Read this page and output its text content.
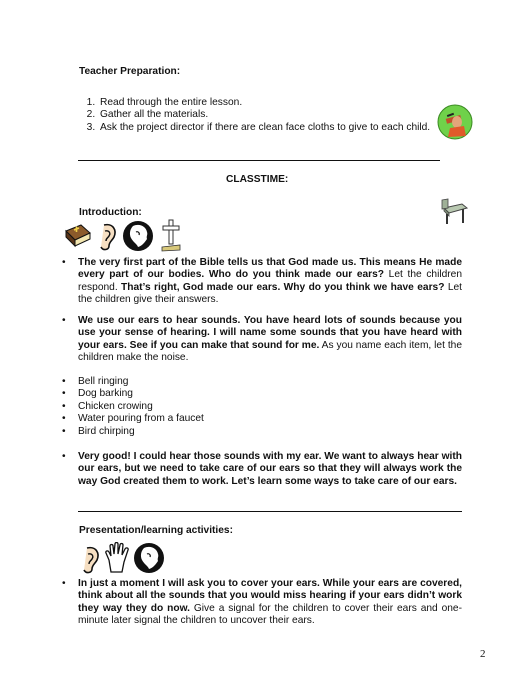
Teacher Preparation:
1. Read through the entire lesson.
2. Gather all the materials.
3. Ask the project director if there are clean face cloths to give to each child.
CLASSTIME:
Introduction:
• The very first part of the Bible tells us that God made us. This means He made every part of our bodies. Who do you think made our ears? Let the children respond. That’s right, God made our ears. Why do you think we have ears? Let the children give their answers.
• We use our ears to hear sounds. You have heard lots of sounds because you use your sense of hearing. I will name some sounds that you have heard with your ears. See if you can make that sound for me. As you name each item, let the children make the noise.
• Bell ringing
• Dog barking
• Chicken crowing
• Water pouring from a faucet
• Bird chirping
• Very good! I could hear those sounds with my ear. We want to always hear with our ears, but we need to take care of our ears so that they will always work the way God created them to work. Let’s learn some ways to take care of our ears.
Presentation/learning activities:
• In just a moment I will ask you to cover your ears. While your ears are covered, think about all the sounds that you would miss hearing if your ears didn’t work they way they do now. Give a signal for the children to cover their ears and one-minute later signal the children to uncover their ears.
2
